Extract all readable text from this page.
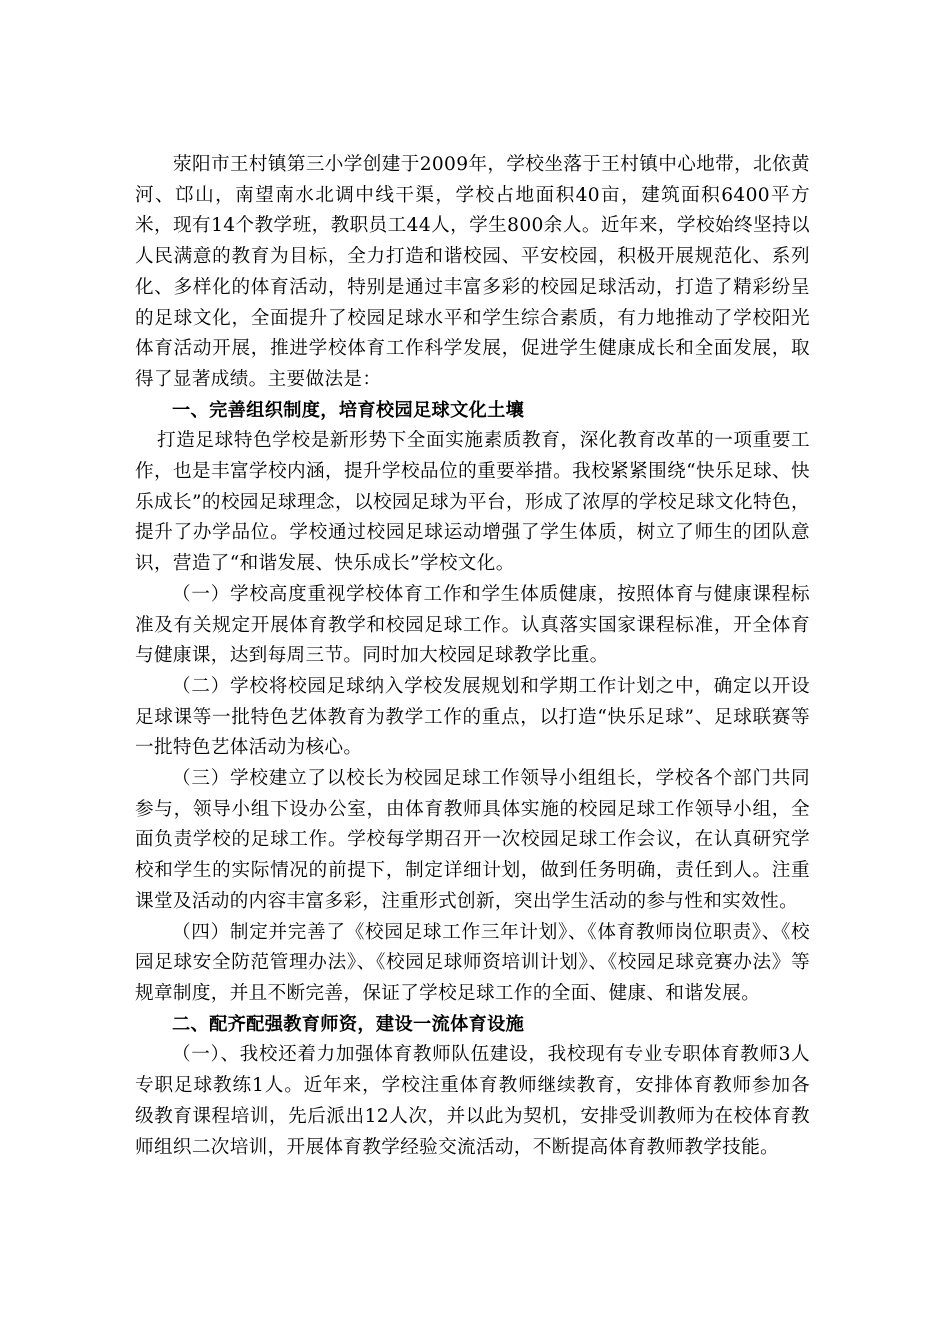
荥阳市王村镇第三小学创建于2009年，学校坐落于王村镇中心地带，北依黄河、邙山，南望南水北调中线干渠，学校占地面积40亩，建筑面积6400平方米，现有14个教学班，教职员工44人，学生800余人。近年来，学校始终坚持以人民满意的教育为目标，全力打造和谐校园、平安校园，积极开展规范化、系列化、多样化的体育活动，特别是通过丰富多彩的校园足球活动，打造了精彩纷呈的足球文化，全面提升了校园足球水平和学生综合素质，有力地推动了学校阳光体育活动开展，推进学校体育工作科学发展，促进学生健康成长和全面发展，取得了显著成绩。主要做法是：

一、完善组织制度，培育校园足球文化土壤

打造足球特色学校是新形势下全面实施素质教育，深化教育改革的一项重要工作，也是丰富学校内涵，提升学校品位的重要举措。我校紧紧围绕“快乐足球、快乐成长”的校园足球理念，以校园足球为平台，形成了浓厚的学校足球文化特色，提升了办学品位。学校通过校园足球运动增强了学生体质，树立了师生的团队意识，营造了“和谐发展、快乐成长”学校文化。

（一）学校高度重视学校体育工作和学生体质健康，按照体育与健康课程标准及有关规定开展体育教学和校园足球工作。认真落实国家课程标准，开全体育与健康课，达到每周三节。同时加大校园足球教学比重。

（二）学校将校园足球纳入学校发展规划和学期工作计划之中，确定以开设足球课等一批特色艺体教育为教学工作的重点，以打造“快乐足球”、足球联赛等一批特色艺体活动为核心。

（三）学校建立了以校长为校园足球工作领导小组组长，学校各个部门共同参与，领导小组下设办公室，由体育教师具体实施的校园足球工作领导小组，全面负责学校的足球工作。学校每学期召开一次校园足球工作会议，在认真研究学校和学生的实际情况的前提下，制定详细计划，做到任务明确，责任到人。注重课堂及活动的内容丰富多彩，注重形式创新，突出学生活动的参与性和实效性。

（四）制定并完善了《校园足球工作三年计划》、《体育教师岗位职责》、《校园足球安全防范管理办法》、《校园足球师资培训计划》、《校园足球竞赛办法》等规章制度，并且不断完善，保证了学校足球工作的全面、健康、和谐发展。

二、配齐配强教育师资，建设一流体育设施

（一）、我校还着力加强体育教师队伍建设，我校现有专业专职体育教师3人专职足球教练1人。近年来，学校注重体育教师继续教育，安排体育教师参加各级教育课程培训，先后派出12人次，并以此为契机，安排受训教师为在校体育教师组织二次培训，开展体育教学经验交流活动，不断提高体育教师教学技能。
